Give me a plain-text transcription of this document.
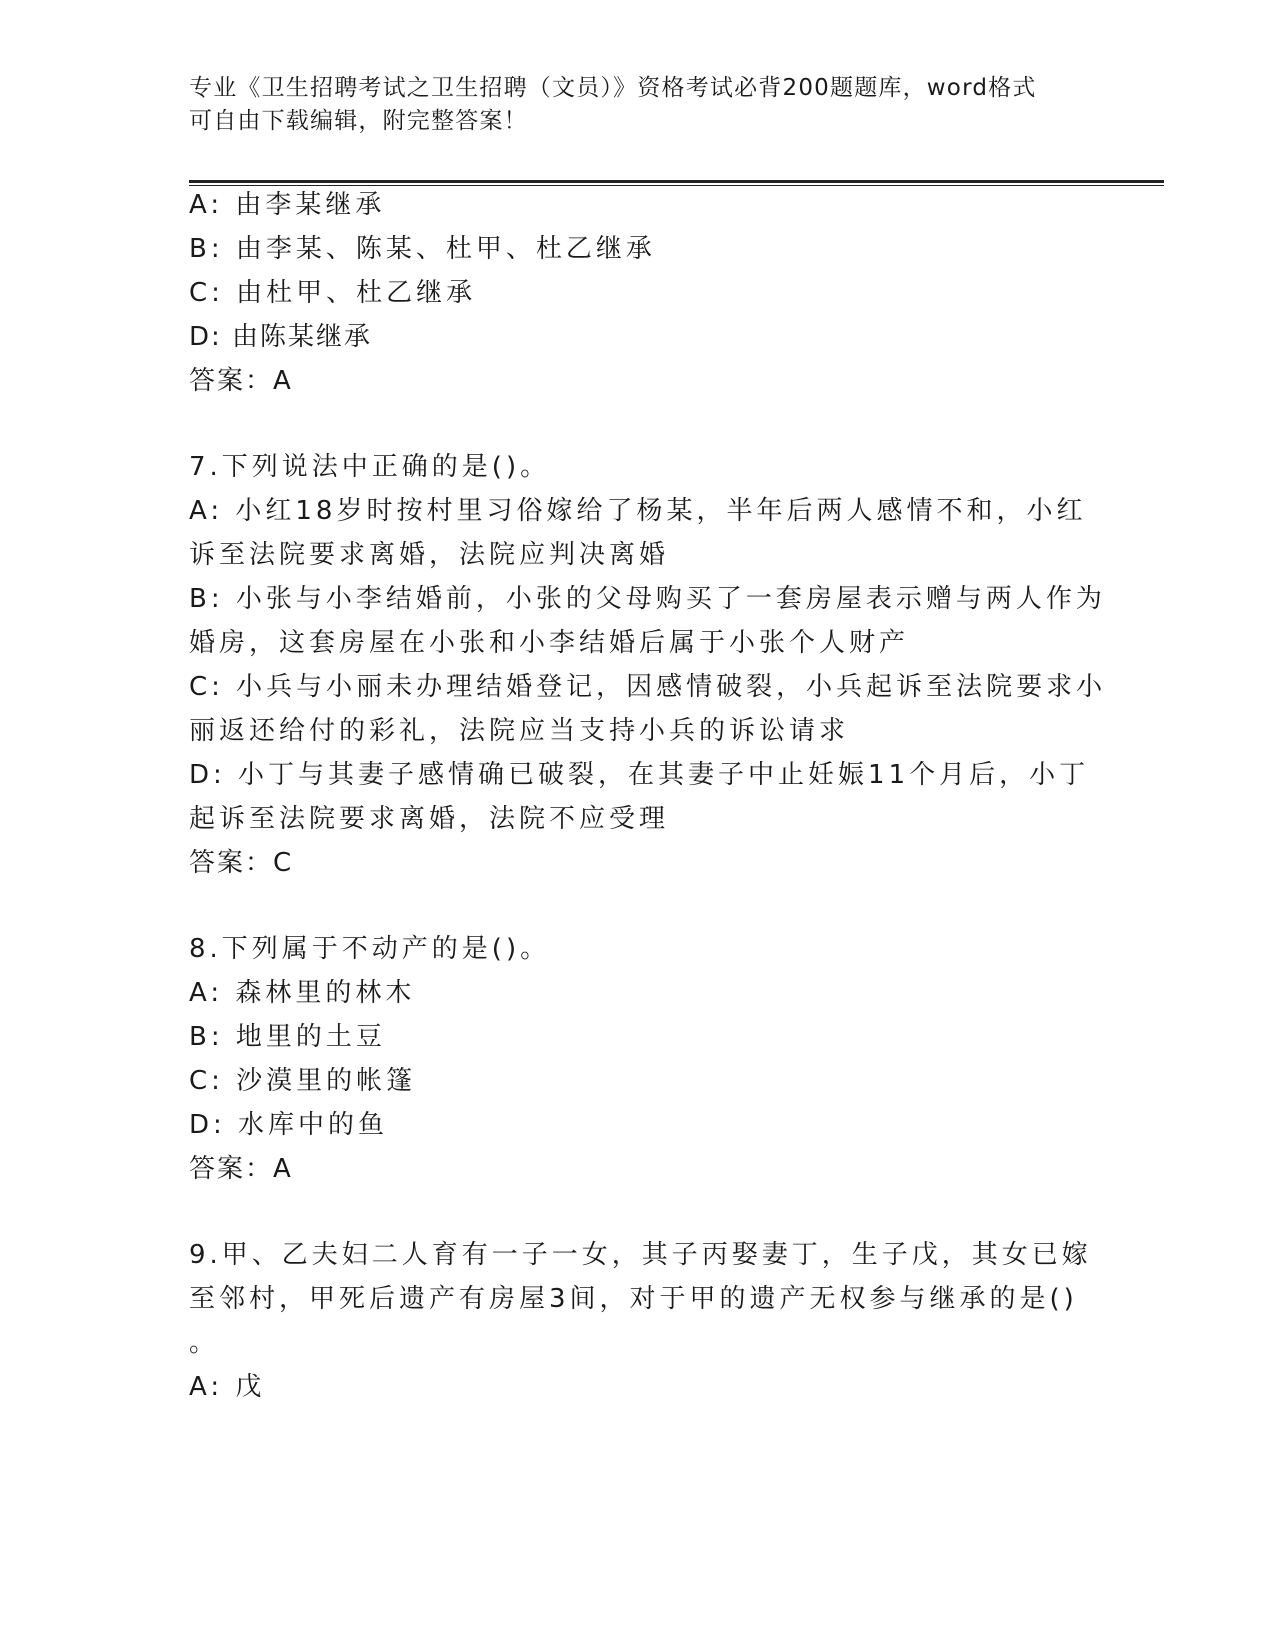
专业《卫生招聘考试之卫生招聘（文员）》资格考试必背200题题库，word格式
可自由下载编辑，附完整答案！
A: 由李某继承
B: 由李某、陈某、杜甲、杜乙继承
C: 由杜甲、杜乙继承
D: 由陈某继承
答案：A
7.下列说法中正确的是()。
A: 小红18岁时按村里习俗嫁给了杨某，半年后两人感情不和，小红
诉至法院要求离婚，法院应判决离婚
B: 小张与小李结婚前，小张的父母购买了一套房屋表示赠与两人作为
婚房，这套房屋在小张和小李结婚后属于小张个人财产
C: 小兵与小丽未办理结婚登记，因感情破裂，小兵起诉至法院要求小
丽返还给付的彩礼，法院应当支持小兵的诉讼请求
D: 小丁与其妻子感情确已破裂，在其妻子中止妊娠11个月后，小丁
起诉至法院要求离婚，法院不应受理
答案：C
8.下列属于不动产的是()。
A: 森林里的林木
B: 地里的土豆
C: 沙漠里的帐篷
D: 水库中的鱼
答案：A
9.甲、乙夫妇二人育有一子一女，其子丙娶妻丁，生子戊，其女已嫁
至邻村，甲死后遗产有房屋3间，对于甲的遗产无权参与继承的是()
。
A: 戊
